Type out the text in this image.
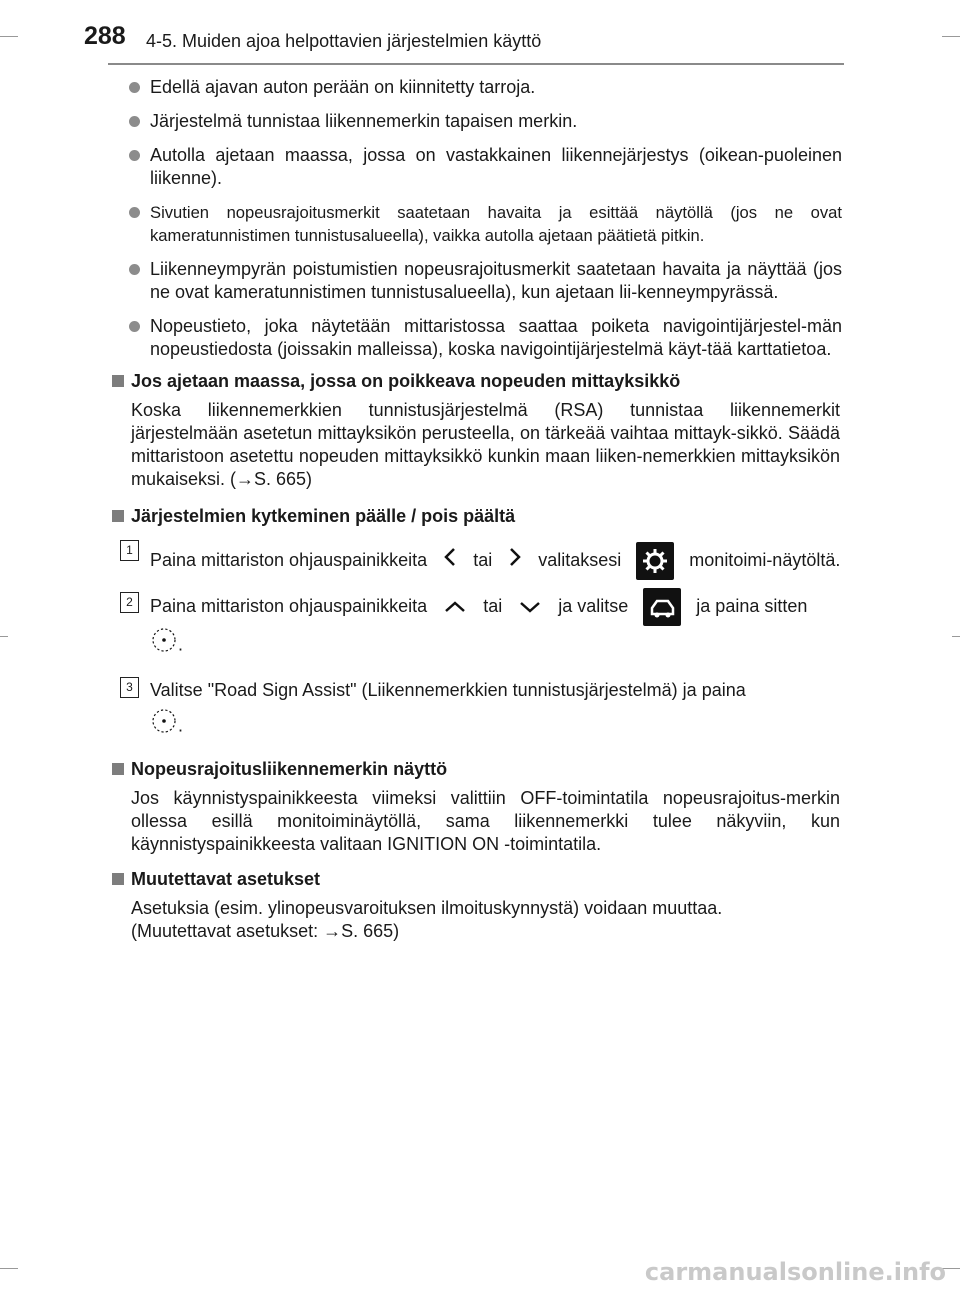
288 4-5. Muiden ajoa helpottavien järjestelmien käyttö
Edellä ajavan auton perään on kiinnitetty tarroja.
Järjestelmä tunnistaa liikennemerkin tapaisen merkin.
Autolla ajetaan maassa, jossa on vastakkainen liikennejärjestys (oikean-puoleinen liikenne).
Sivutien nopeusrajoitusmerkit saatetaan havaita ja esittää näytöllä (jos ne ovat kameratunnistimen tunnistusalueella), vaikka autolla ajetaan päätietä pitkin.
Liikenneympyrän poistumistien nopeusrajoitusmerkit saatetaan havaita ja näyttää (jos ne ovat kameratunnistimen tunnistusalueella), kun ajetaan lii-kenneympyrässä.
Nopeustieto, joka näytetään mittaristossa saattaa poiketa navigointijärjestel-män nopeustiedosta (joissakin malleissa), koska navigointijärjestelmä käyt-tää karttatietoa.
Jos ajetaan maassa, jossa on poikkeava nopeuden mittayksikkö
Koska liikennemerkkien tunnistusjärjestelmä (RSA) tunnistaa liikennemerkit järjestelmään asetetun mittayksikön perusteella, on tärkeää vaihtaa mittayk-sikkö. Säädä mittaristoon asetettu nopeuden mittayksikkö kunkin maan liiken-nemerkkien mittayksikön mukaiseksi. (→S. 665)
Järjestelmien kytkeminen päälle / pois päältä
1 Paina mittariston ohjauspainikkeita	tai	valitaksesi	monitoimi-näytöltä.
2 Paina mittariston ohjauspainikkeita	tai	ja valitse	ja paina sitten
.
3 Valitse "Road Sign Assist" (Liikennemerkkien tunnistusjärjestelmä) ja paina
.
Nopeusrajoitusliikennemerkin näyttö
Jos käynnistyspainikkeesta viimeksi valittiin OFF-toimintatila nopeusrajoitus-merkin ollessa esillä monitoiminäytöllä, sama liikennemerkki tulee näkyviin, kun käynnistyspainikkeesta valitaan IGNITION ON -toimintatila.
Muutettavat asetukset
Asetuksia (esim. ylinopeusvaroituksen ilmoituskynnystä) voidaan muuttaa.
(Muutettavat asetukset: →S. 665)
carmanualsonline.info
